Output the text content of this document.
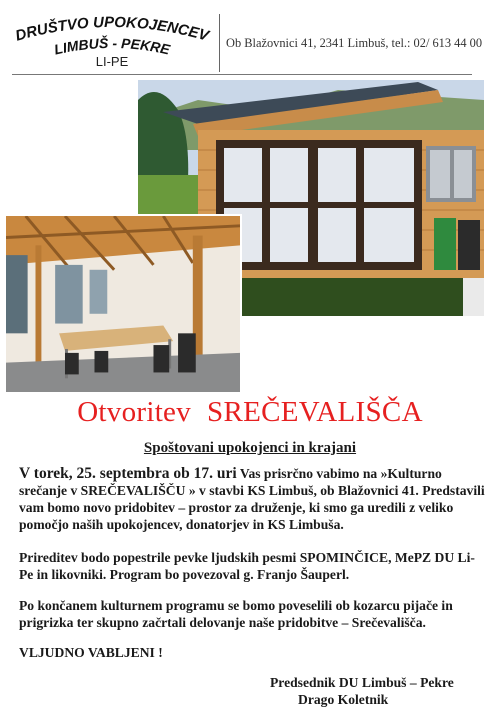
DRUŠTVO UPOKOJENCEV
LIMBUŠ - PEKRE
LI-PE
Ob Blažovnici 41, 2341 Limbuš, tel.: 02/ 613 44 00
Otvoritev SREČEVALIŠČA
Spoštovani upokojenci in krajani
V torek, 25. septembra ob 17. uri Vas prisrčno vabimo na »Kulturno srečanje v SREČEVALIŠČU » v stavbi KS Limbuš, ob Blažovnici 41. Predstavili vam bomo novo pridobitev – prostor za druženje, ki smo ga uredili z veliko pomočjo naših upokojencev, donatorjev in KS Limbuša.
Prireditev bodo popestrile pevke ljudskih pesmi SPOMINČICE, MePZ DU Li-Pe in likovniki. Program bo povezoval g. Franjo Šauperl.
Po končanem kulturnem programu se bomo poveselili ob kozarcu pijače in prigrizka ter skupno začrtali delovanje naše pridobitve – Srečevališča.
VLJUDNO VABLJENI !
Predsednik DU Limbuš – Pekre
Drago Koletnik
